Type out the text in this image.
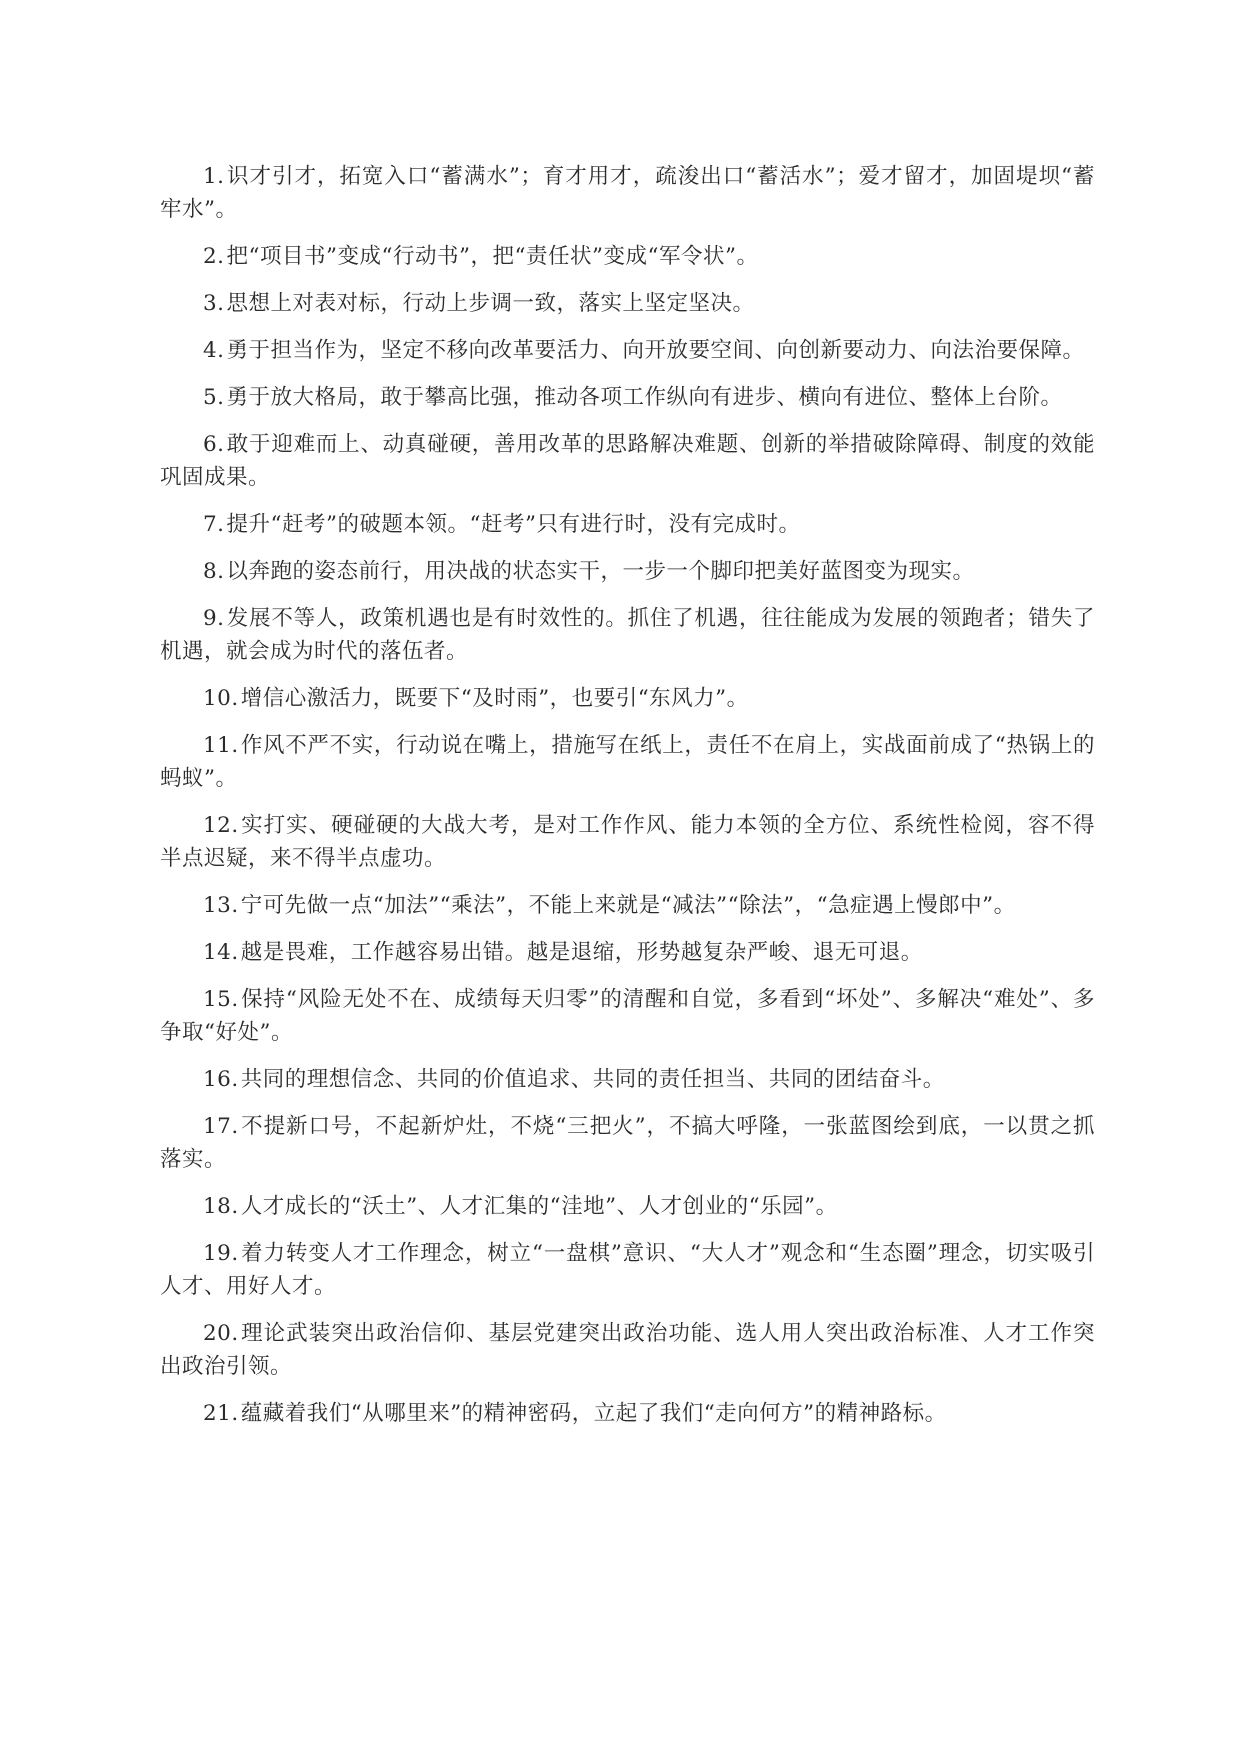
1.识才引才，拓宽入口“蓄满水”；育才用才，疏浚出口“蓄活水”；爱才留才，加固堤坝“蓄牢水”。

2.把“项目书”变成“行动书”，把“责任状”变成“军令状”。

3.思想上对表对标，行动上步调一致，落实上坚定坚决。

4.勇于担当作为，坚定不移向改革要活力、向开放要空间、向创新要动力、向法治要保障。

5.勇于放大格局，敢于攀高比强，推动各项工作纵向有进步、横向有进位、整体上台阶。

6.敢于迎难而上、动真碰硬，善用改革的思路解决难题、创新的举措破除障碍、制度的效能巩固成果。

7.提升“赶考”的破题本领。“赶考”只有进行时，没有完成时。

8.以奔跑的姿态前行，用决战的状态实干，一步一个脚印把美好蓝图变为现实。

9.发展不等人，政策机遇也是有时效性的。抓住了机遇，往往能成为发展的领跑者；错失了机遇，就会成为时代的落伍者。

10.增信心激活力，既要下“及时雨”，也要引“东风力”。

11.作风不严不实，行动说在嘴上，措施写在纸上，责任不在肩上，实战面前成了“热锅上的蚂蚁”。

12.实打实、硬碰硬的大战大考，是对工作作风、能力本领的全方位、系统性检阅，容不得半点迟疑，来不得半点虚功。

13.宁可先做一点“加法”“乘法”，不能上来就是“减法”“除法”，“急症遇上慢郎中”。

14.越是畏难，工作越容易出错。越是退缩，形势越复杂严峻、退无可退。

15.保持“风险无处不在、成绩每天归零”的清醒和自觉，多看到“坏处”、多解决“难处”、多争取“好处”。

16.共同的理想信念、共同的价值追求、共同的责任担当、共同的团结奋斗。

17.不提新口号，不起新炉灶，不烧“三把火”，不搞大呼隆，一张蓝图绘到底，一以贯之抓落实。

18.人才成长的“沃土”、人才汇集的“洼地”、人才创业的“乐园”。

19.着力转变人才工作理念，树立“一盘棋”意识、“大人才”观念和“生态圈”理念，切实吸引人才、用好人才。

20.理论武装突出政治信仰、基层党建突出政治功能、选人用人突出政治标准、人才工作突出政治引领。

21.蕴藏着我们“从哪里来”的精神密码，立起了我们“走向何方”的精神路标。
